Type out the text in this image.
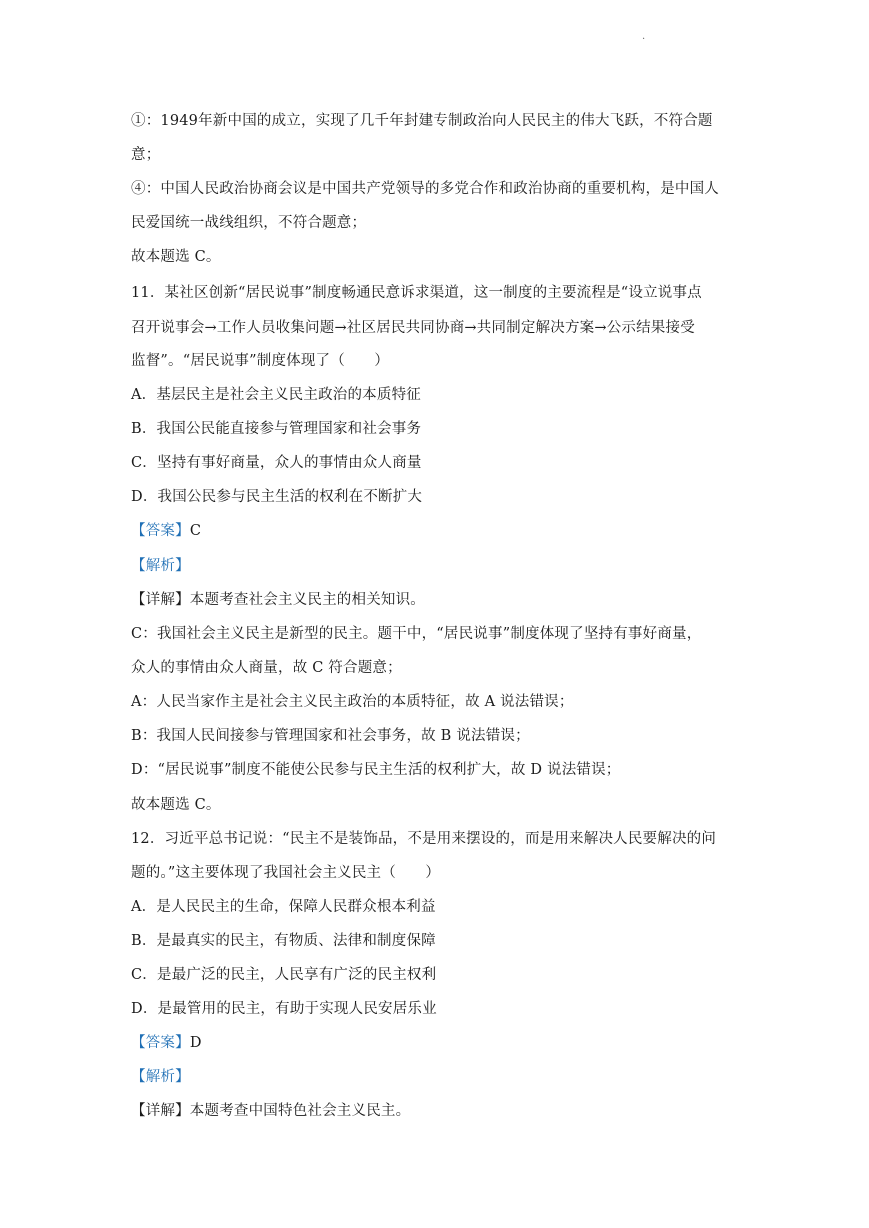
.
①：1949年新中国的成立，实现了几千年封建专制政治向人民民主的伟大飞跃，不符合题
意；
④：中国人民政治协商会议是中国共产党领导的多党合作和政治协商的重要机构，是中国人
民爱国统一战线组织，不符合题意；
故本题选 C。
11．某社区创新“居民说事”制度畅通民意诉求渠道，这一制度的主要流程是“设立说事点
召开说事会→工作人员收集问题→社区居民共同协商→共同制定解决方案→公示结果接受
监督”。“居民说事”制度体现了（　　）
A．基层民主是社会主义民主政治的本质特征
B．我国公民能直接参与管理国家和社会事务
C．坚持有事好商量，众人的事情由众人商量
D．我国公民参与民主生活的权利在不断扩大
【答案】C
【解析】
【详解】本题考查社会主义民主的相关知识。
C：我国社会主义民主是新型的民主。题干中，“居民说事”制度体现了坚持有事好商量，
众人的事情由众人商量，故 C 符合题意；
A：人民当家作主是社会主义民主政治的本质特征，故 A 说法错误；
B：我国人民间接参与管理国家和社会事务，故 B 说法错误；
D：“居民说事”制度不能使公民参与民主生活的权利扩大，故 D 说法错误；
故本题选 C。
12．习近平总书记说：“民主不是装饰品，不是用来摆设的，而是用来解决人民要解决的问
题的。”这主要体现了我国社会主义民主（　　）
A．是人民民主的生命，保障人民群众根本利益
B．是最真实的民主，有物质、法律和制度保障
C．是最广泛的民主，人民享有广泛的民主权利
D．是最管用的民主，有助于实现人民安居乐业
【答案】D
【解析】
【详解】本题考查中国特色社会主义民主。
